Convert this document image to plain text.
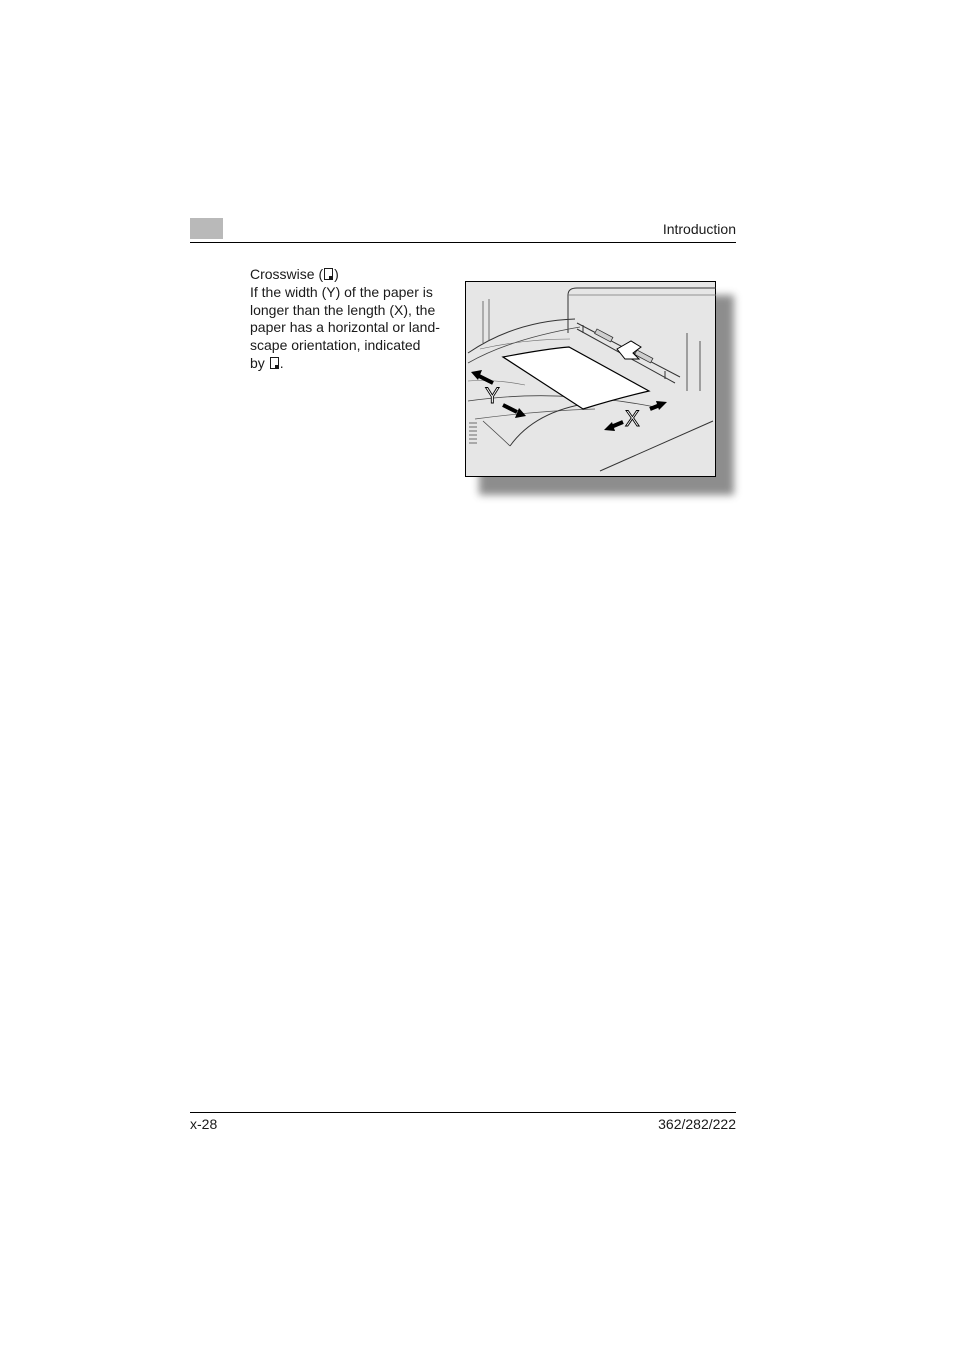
Introduction

Crosswise ( )

If the width (Y) of the paper is

longer than the length (X), the

paper has a horizontal or land-

scape orientation, indicated

by .

Y
X
x-28	362/282/222
